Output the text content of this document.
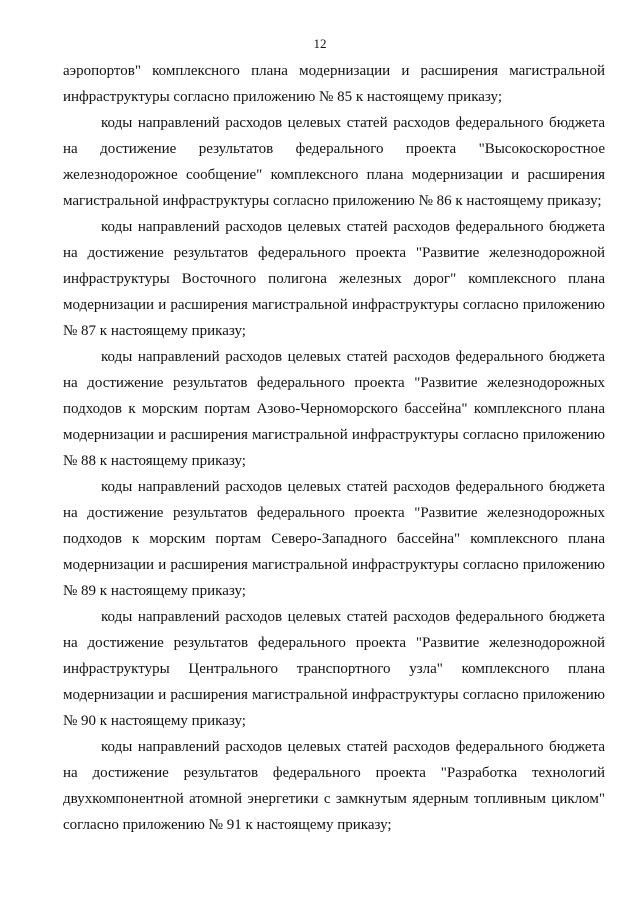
12

аэропортов" комплексного плана модернизации и расширения магистральной инфраструктуры согласно приложению № 85 к настоящему приказу;

коды направлений расходов целевых статей расходов федерального бюджета на достижение результатов федерального проекта "Высокоскоростное железнодорожное сообщение" комплексного плана модернизации и расширения магистральной инфраструктуры согласно приложению № 86 к настоящему приказу;

коды направлений расходов целевых статей расходов федерального бюджета на достижение результатов федерального проекта "Развитие железнодорожной инфраструктуры Восточного полигона железных дорог" комплексного плана модернизации и расширения магистральной инфраструктуры согласно приложению № 87 к настоящему приказу;

коды направлений расходов целевых статей расходов федерального бюджета на достижение результатов федерального проекта "Развитие железнодорожных подходов к морским портам Азово-Черноморского бассейна" комплексного плана модернизации и расширения магистральной инфраструктуры согласно приложению № 88 к настоящему приказу;

коды направлений расходов целевых статей расходов федерального бюджета на достижение результатов федерального проекта "Развитие железнодорожных подходов к морским портам Северо-Западного бассейна" комплексного плана модернизации и расширения магистральной инфраструктуры согласно приложению № 89 к настоящему приказу;

коды направлений расходов целевых статей расходов федерального бюджета на достижение результатов федерального проекта "Развитие железнодорожной инфраструктуры Центрального транспортного узла" комплексного плана модернизации и расширения магистральной инфраструктуры согласно приложению № 90 к настоящему приказу;

коды направлений расходов целевых статей расходов федерального бюджета на достижение результатов федерального проекта "Разработка технологий двухкомпонентной атомной энергетики с замкнутым ядерным топливным циклом" согласно приложению № 91 к настоящему приказу;
